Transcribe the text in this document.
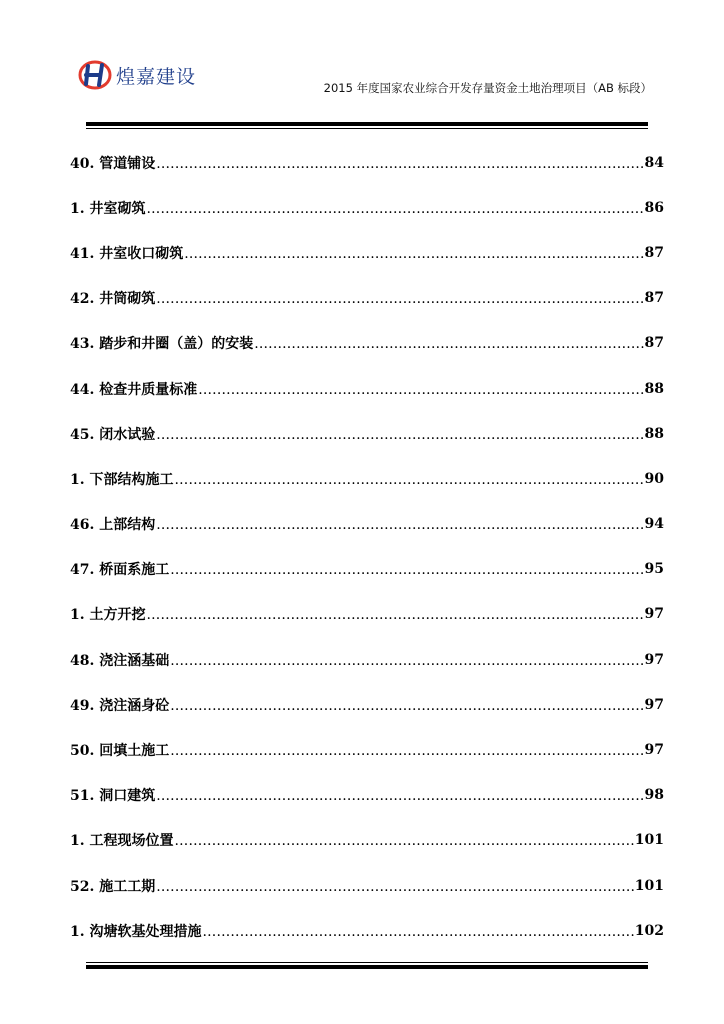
煌嘉建设
2015 年度国家农业综合开发存量资金土地治理项目（AB 标段）
40. 管道铺设 .....	84
1. 井室砌筑 .....	86
41. 井室收口砌筑 .....	87
42. 井筒砌筑 .....	87
43. 踏步和井圈（盖）的安装 .....	87
44. 检查井质量标准 .....	88
45. 闭水试验 .....	88
1. 下部结构施工 .....	90
46. 上部结构 .....	94
47. 桥面系施工 .....	95
1. 土方开挖 .....	97
48. 浇注涵基础 .....	97
49. 浇注涵身砼 .....	97
50. 回填土施工 .....	97
51. 洞口建筑 .....	98
1. 工程现场位置 .....	101
52. 施工工期 .....	101
1. 沟塘软基处理措施 .....	102
